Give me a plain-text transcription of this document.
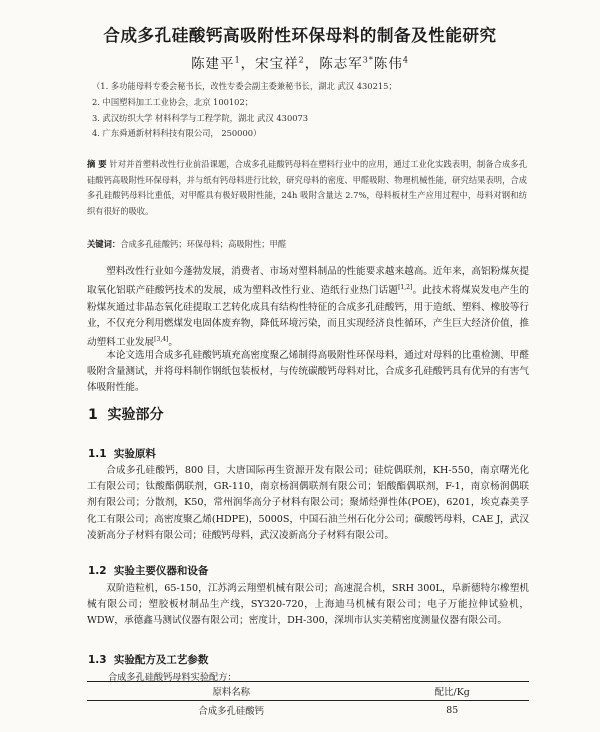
合成多孔硅酸钙高吸附性环保母料的制备及性能研究
陈建平$^1$，宋宝祥$^2$，陈志军$^{3*}$陈伟$^4$
（1. 多功能母料专委会秘书长，改性专委会副主委兼秘书长，湖北 武汉 430215；
2. 中国塑料加工工业协会，北京 100102；
3. 武汉纺织大学 材料科学与工程学院，湖北 武汉 430073
4. 广东舜通新材料科技有限公司， 250000）
摘 要 针对并首塑料改性行业前沿课题，合成多孔硅酸钙母料在塑料行业中的应用，通过工业化实践表明，制备合成多孔硅酸钙高吸附性环保母料，并与纸有钙母料进行比较，研究母料的密度、甲醛吸附、物理机械性能，研究结果表明，合成多孔硅酸钙母料比重低，对甲醛具有极好吸附性能，24h 吸附含量达 2.7%，母料板材生产应用过程中，母料对钢和纺织有很好的吸收。
关键词：合成多孔硅酸钙；环保母料；高吸附性；甲醛
塑料改性行业如今蓬勃发展，消费者、市场对塑料制品的性能要求越来越高。近年来，高铝粉煤灰提取氧化铝联产硅酸钙技术的发展，成为塑料改性行业、造纸行业热门话题[1,2]。此技术将煤炭发电产生的粉煤灰通过非晶态氧化硅提取工艺转化成具有结构性特征的合成多孔硅酸钙，用于造纸、塑料、橡胶等行业，不仅充分利用燃煤发电固体废弃物，降低环境污染，而且实现经济良性循环，产生巨大经济价值，推动塑料工业发展[3,4]。
本论文选用合成多孔硅酸钙填充高密度聚乙烯制得高吸附性环保母料，通过对母料的比重检测、甲醛吸附含量测试，并将母料制作钢纸包装板材，与传统碳酸钙母料对比，合成多孔硅酸钙具有优异的有害气体吸附性能。
1 实验部分
1.1 实验原料
合成多孔硅酸钙，800 目，大唐国际再生资源开发有限公司；硅烷偶联剂，KH-550，南京曙光化工有限公司；钛酸酯偶联剂，GR-110，南京杨润偶联剂有限公司；铝酸酯偶联剂，F-1，南京杨润偶联剂有限公司；分散剂，K50，常州润华高分子材料有限公司；聚烯烃弹性体(POE)，6201，埃克森美孚化工有限公司；高密度聚乙烯(HDPE)，5000S，中国石油兰州石化分公司；碳酸钙母料，CAE J，武汉凌新高分子材料有限公司；硅酸钙母料，武汉凌新高分子材料有限公司。
1.2 实验主要仪器和设备
双阶造粒机，65-150，江苏鸿云翔塑机械有限公司；高速混合机，SRH 300L，阜新德特尔橡塑机械有限公司；塑胶板材制品生产线，SY320-720，上海迪马机械有限公司；电子万能拉伸试验机，WDW，承德鑫马测试仪器有限公司；密度计，DH-300，深圳市认实美精密度测量仪器有限公司。
1.3 实验配方及工艺参数
合成多孔硅酸钙母料实验配方：
原料名称	配比/Kg
合成多孔硅酸钙	85
